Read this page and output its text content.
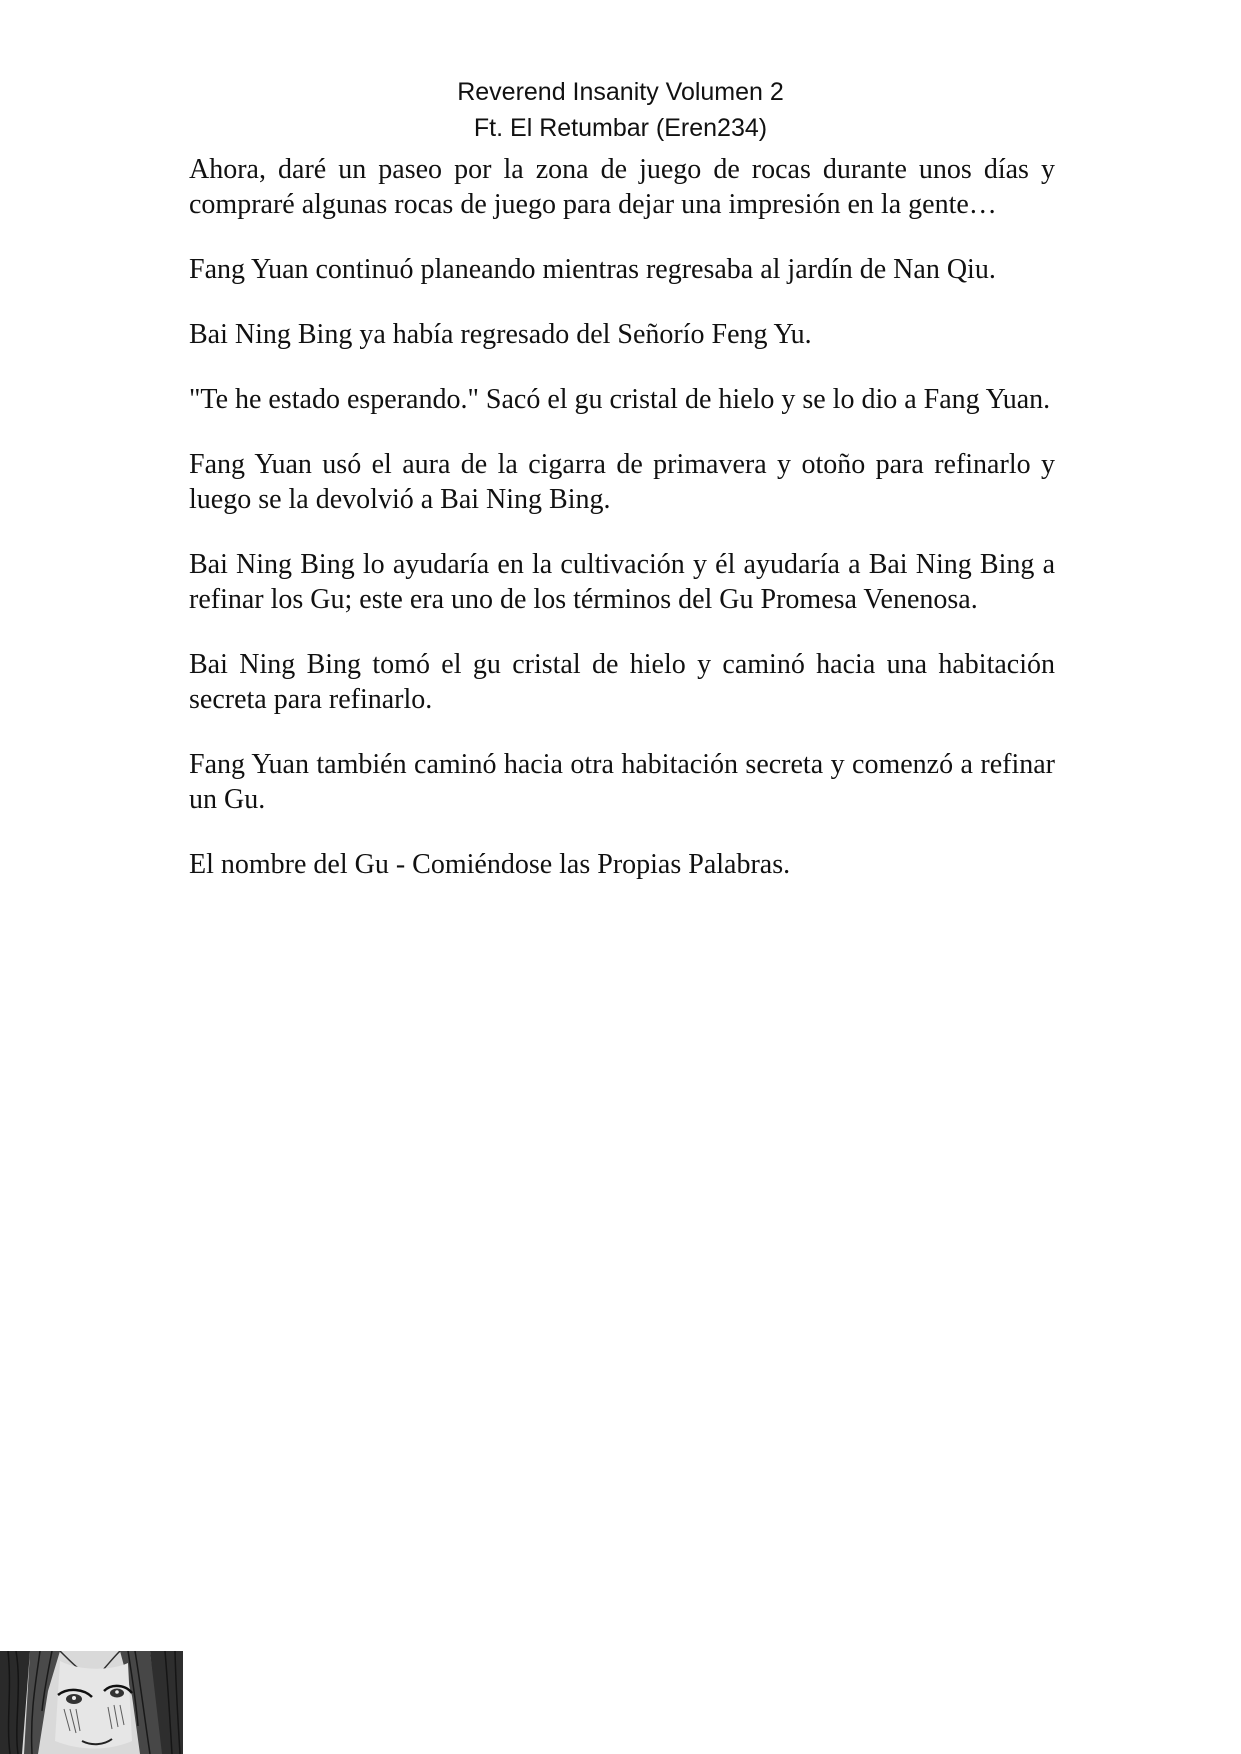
Reverend Insanity Volumen 2
Ft. El Retumbar (Eren234)

Ahora, daré un paseo por la zona de juego de rocas durante unos días y compraré algunas rocas de juego para dejar una impresión en la gente…

Fang Yuan continuó planeando mientras regresaba al jardín de Nan Qiu.

Bai Ning Bing ya había regresado del Señorío Feng Yu.

"Te he estado esperando." Sacó el gu cristal de hielo y se lo dio a Fang Yuan.

Fang Yuan usó el aura de la cigarra de primavera y otoño para refinarlo y luego se la devolvió a Bai Ning Bing.

Bai Ning Bing lo ayudaría en la cultivación y él ayudaría a Bai Ning Bing a refinar los Gu; este era uno de los términos del Gu Promesa Venenosa.

Bai Ning Bing tomó el gu cristal de hielo y caminó hacia una habitación secreta para refinarlo.

Fang Yuan también caminó hacia otra habitación secreta y comenzó a refinar un Gu.

El nombre del Gu - Comiéndose las Propias Palabras.
